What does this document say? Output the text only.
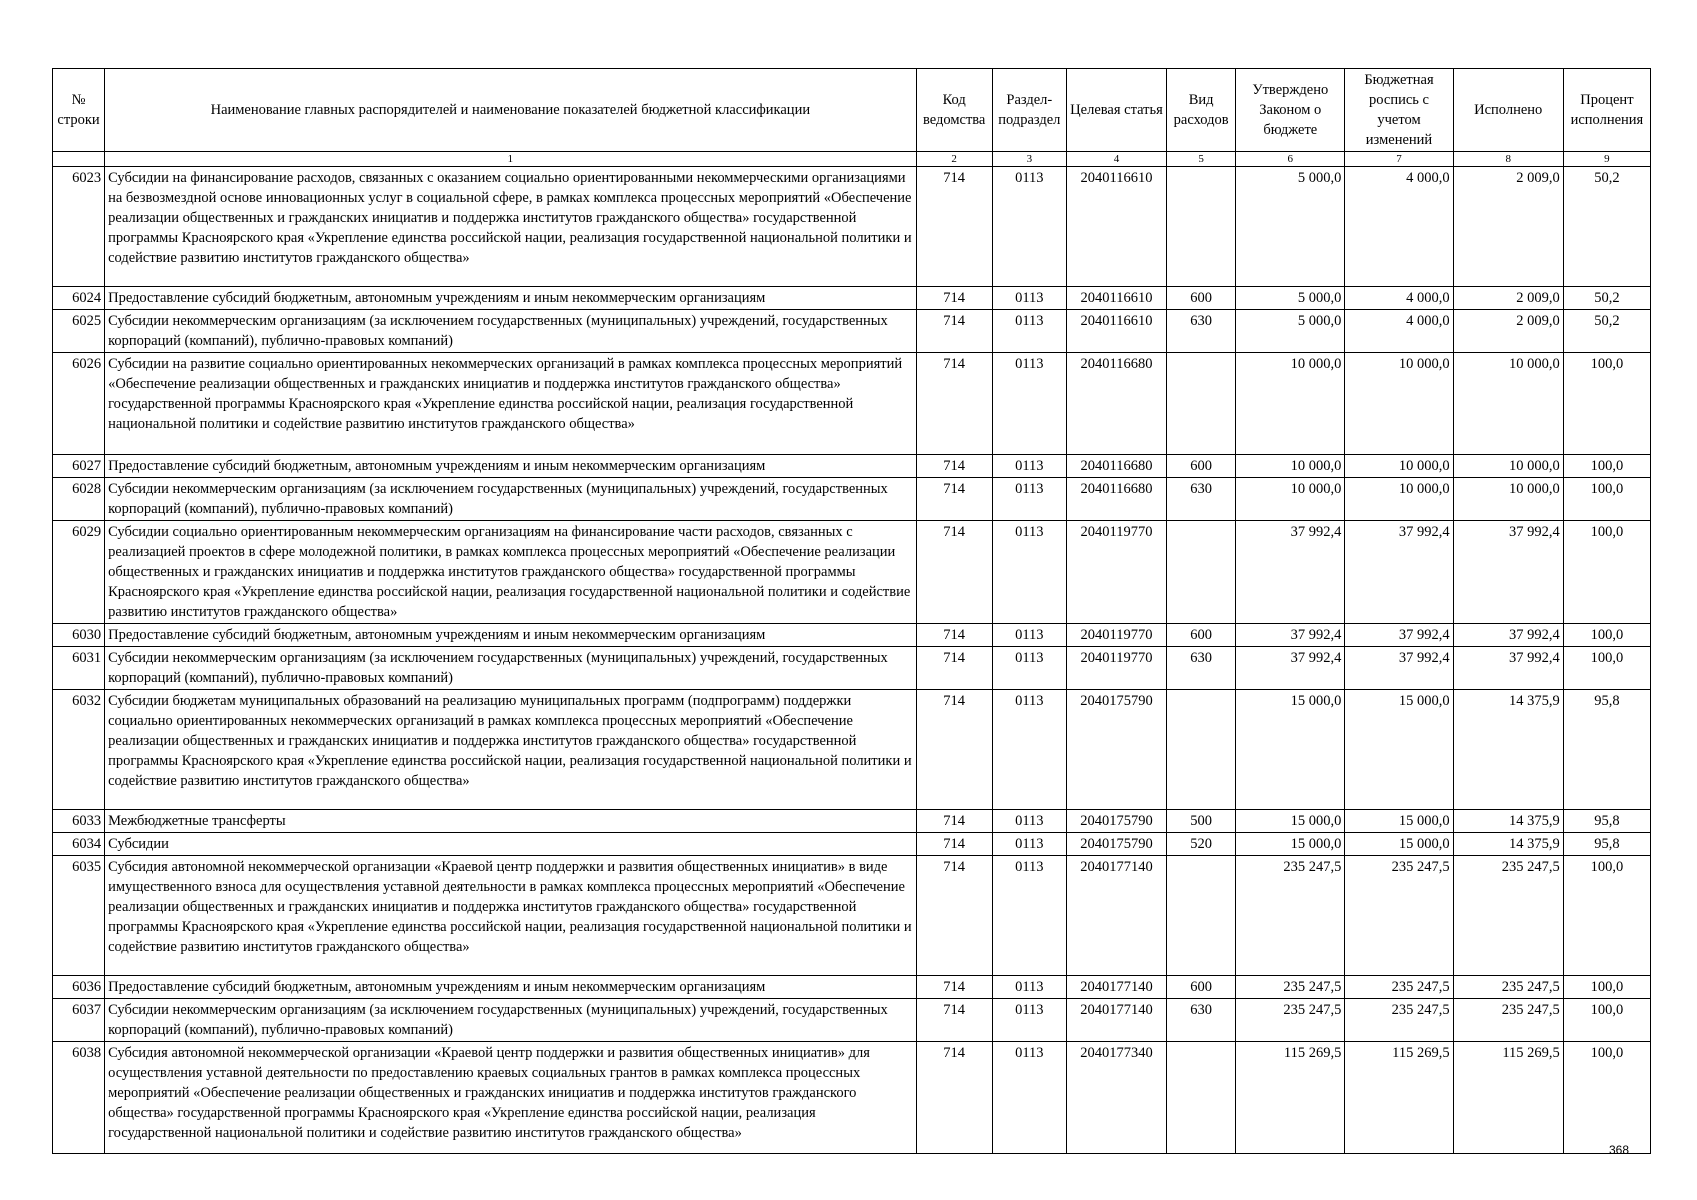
№ строки	Наименование главных распорядителей и наименование показателей бюджетной классификации	Код ведомства	Раздел-подраздел	Целевая статья	Вид расходов	Утверждено Законом о бюджете	Бюджетная роспись с учетом изменений	Исполнено	Процент исполнения
	1	2	3	4	5	6	7	8	9
6023	Субсидии на финансирование расходов, связанных с оказанием социально ориентированными некоммерческими организациями на безвозмездной основе инновационных услуг в социальной сфере, в рамках комплекса процессных мероприятий «Обеспечение реализации общественных и гражданских инициатив и поддержка институтов гражданского общества» государственной программы Красноярского края «Укрепление единства российской нации, реализация государственной национальной политики и содействие развитию институтов гражданского общества»	714	0113	2040116610		5 000,0	4 000,0	2 009,0	50,2
6024	Предоставление субсидий бюджетным, автономным учреждениям и иным некоммерческим организациям	714	0113	2040116610	600	5 000,0	4 000,0	2 009,0	50,2
6025	Субсидии некоммерческим организациям (за исключением государственных (муниципальных) учреждений, государственных корпораций (компаний), публично-правовых компаний)	714	0113	2040116610	630	5 000,0	4 000,0	2 009,0	50,2
6026	Субсидии на развитие социально ориентированных некоммерческих организаций в рамках комплекса процессных мероприятий «Обеспечение реализации общественных и гражданских инициатив и поддержка институтов гражданского общества» государственной программы Красноярского края «Укрепление единства российской нации, реализация государственной национальной политики и содействие развитию институтов гражданского общества»	714	0113	2040116680		10 000,0	10 000,0	10 000,0	100,0
6027	Предоставление субсидий бюджетным, автономным учреждениям и иным некоммерческим организациям	714	0113	2040116680	600	10 000,0	10 000,0	10 000,0	100,0
6028	Субсидии некоммерческим организациям (за исключением государственных (муниципальных) учреждений, государственных корпораций (компаний), публично-правовых компаний)	714	0113	2040116680	630	10 000,0	10 000,0	10 000,0	100,0
6029	Субсидии социально ориентированным некоммерческим организациям на финансирование части расходов, связанных с реализацией проектов в сфере молодежной политики, в рамках комплекса процессных мероприятий «Обеспечение реализации общественных и гражданских инициатив и поддержка институтов гражданского общества» государственной программы Красноярского края «Укрепление единства российской нации, реализация государственной национальной политики и содействие развитию институтов гражданского общества»	714	0113	2040119770		37 992,4	37 992,4	37 992,4	100,0
6030	Предоставление субсидий бюджетным, автономным учреждениям и иным некоммерческим организациям	714	0113	2040119770	600	37 992,4	37 992,4	37 992,4	100,0
6031	Субсидии некоммерческим организациям (за исключением государственных (муниципальных) учреждений, государственных корпораций (компаний), публично-правовых компаний)	714	0113	2040119770	630	37 992,4	37 992,4	37 992,4	100,0
6032	Субсидии бюджетам муниципальных образований на реализацию муниципальных программ (подпрограмм) поддержки социально ориентированных некоммерческих организаций в рамках комплекса процессных мероприятий «Обеспечение реализации общественных и гражданских инициатив и поддержка институтов гражданского общества» государственной программы Красноярского края «Укрепление единства российской нации, реализация государственной национальной политики и содействие развитию институтов гражданского общества»	714	0113	2040175790		15 000,0	15 000,0	14 375,9	95,8
6033	Межбюджетные трансферты	714	0113	2040175790	500	15 000,0	15 000,0	14 375,9	95,8
6034	Субсидии	714	0113	2040175790	520	15 000,0	15 000,0	14 375,9	95,8
6035	Субсидия автономной некоммерческой организации «Краевой центр поддержки и развития общественных инициатив» в виде имущественного взноса для осуществления уставной деятельности в рамках комплекса процессных мероприятий «Обеспечение реализации общественных и гражданских инициатив и поддержка институтов гражданского общества» государственной программы Красноярского края «Укрепление единства российской нации, реализация государственной национальной политики и содействие развитию институтов гражданского общества»	714	0113	2040177140		235 247,5	235 247,5	235 247,5	100,0
6036	Предоставление субсидий бюджетным, автономным учреждениям и иным некоммерческим организациям	714	0113	2040177140	600	235 247,5	235 247,5	235 247,5	100,0
6037	Субсидии некоммерческим организациям (за исключением государственных (муниципальных) учреждений, государственных корпораций (компаний), публично-правовых компаний)	714	0113	2040177140	630	235 247,5	235 247,5	235 247,5	100,0
6038	Субсидия автономной некоммерческой организации «Краевой центр поддержки и развития общественных инициатив» для осуществления уставной деятельности по предоставлению краевых социальных грантов в рамках комплекса процессных мероприятий «Обеспечение реализации общественных и гражданских инициатив и поддержка институтов гражданского общества» государственной программы Красноярского края «Укрепление единства российской нации, реализация государственной национальной политики и содействие развитию институтов гражданского общества»	714	0113	2040177340		115 269,5	115 269,5	115 269,5	100,0
368
